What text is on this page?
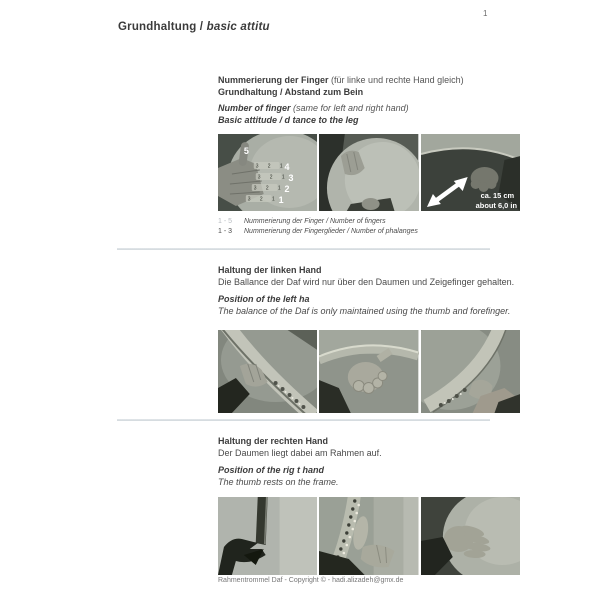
Grundhaltung / basic attitu
1
Nummerierung der Finger (für linke und rechte Hand gleich)
Grundhaltung / Abstand zum Bein
Number of finger (same for left and right hand)
Basic attitude / d tance to the leg
3 2 1
3 2 1
3 2 1
3 2 1
5
4
3
2
1	ca. 15 cm
about 6,0 in
1 - 5	Nummerierung der Finger / Number of fingers
1 - 3	Nummerierung der Fingerglieder / Number of phalanges
Haltung der linken Hand
Die Ballance der Daf wird nur über den Daumen und Zeigefinger gehalten.
Position of the left ha
The balance of the Daf is only maintained using the thumb and forefinger.
Haltung der rechten Hand
Der Daumen liegt dabei am Rahmen auf.
Position of the rig t hand
The thumb rests on the frame.
Rahmentrommel Daf - Copyright © - hadi.alizadeh@gmx.de
